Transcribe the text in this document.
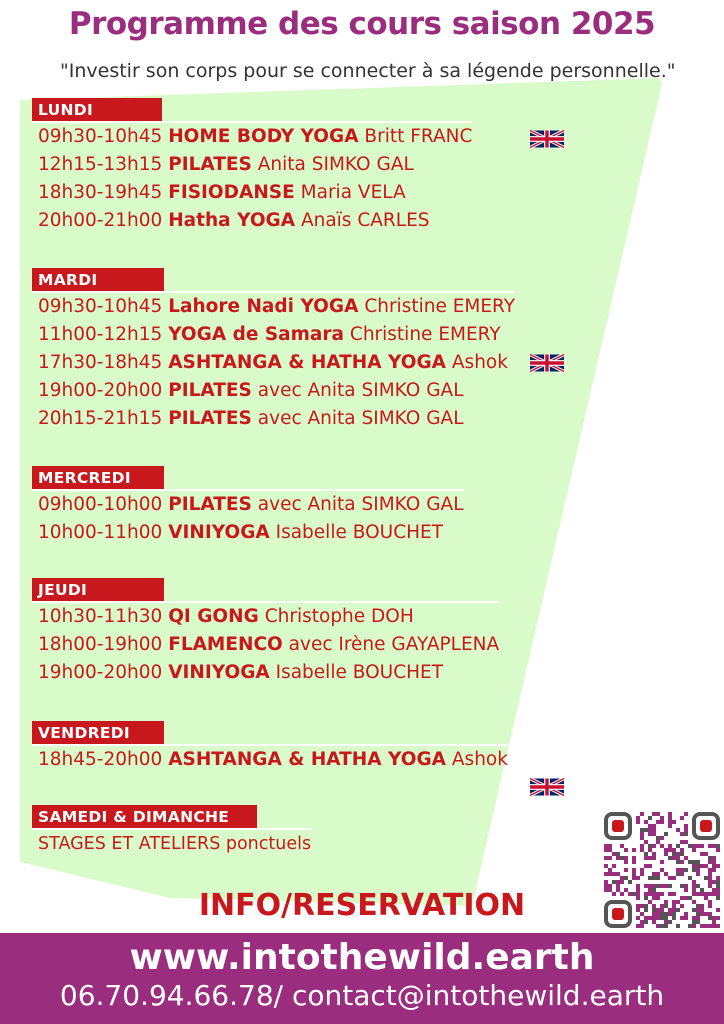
Programme des cours saison 2025
"Investir son corps pour se connecter à sa légende personnelle."
LUNDI
09h30-10h45 HOME BODY YOGA Britt FRANC
12h15-13h15 PILATES Anita SIMKO GAL
18h30-19h45 FISIODANSE Maria VELA
20h00-21h00 Hatha YOGA Anaïs CARLES
MARDI
09h30-10h45 Lahore Nadi YOGA Christine EMERY
11h00-12h15 YOGA de Samara Christine EMERY
17h30-18h45 ASHTANGA & HATHA YOGA Ashok
19h00-20h00 PILATES avec Anita SIMKO GAL
20h15-21h15 PILATES avec Anita SIMKO GAL
MERCREDI
09h00-10h00 PILATES avec Anita SIMKO GAL
10h00-11h00 VINIYOGA Isabelle BOUCHET
JEUDI
10h30-11h30 QI GONG Christophe DOH
18h00-19h00 FLAMENCO avec Irène GAYAPLENA
19h00-20h00 VINIYOGA Isabelle BOUCHET
VENDREDI
18h45-20h00 ASHTANGA & HATHA YOGA Ashok
SAMEDI & DIMANCHE
STAGES ET ATELIERS ponctuels
INFO/RESERVATION
www.intothewild.earth
06.70.94.66.78/ contact@intothewild.earth
